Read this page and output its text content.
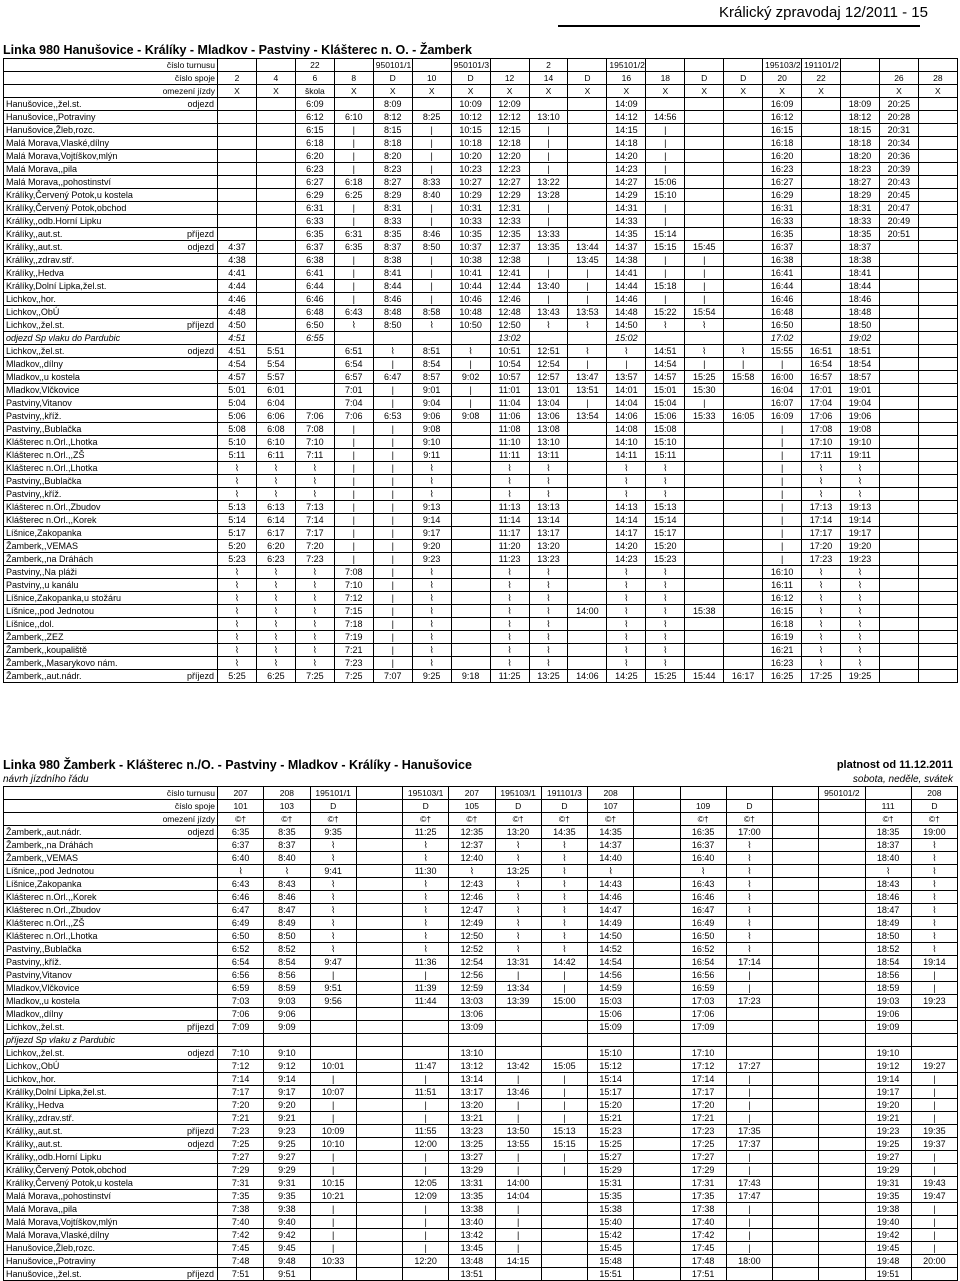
Králický zpravodaj 12/2011 - 15
Linka 980 Hanušovice - Králíky - Mladkov - Pastviny - Klášterec n. O. - Žamberk
číslo turnusu				22		950101/1		950101/3		2		195101/2				195103/2	191101/2			
číslo spoje		2	4	6	8	D	10	D	12	14	D	16	18	D	D	20	22		26	28
omezení jízdy		X	X	škola	X	X	X	X	X	X	X	X	X	X	X	X	X		X	X
Hanušovice,,žel.st.	odjezd			6:09		8:09		10:09	12:09			14:09				16:09		18:09	20:25	
Hanušovice,,Potraviny				6:12	6:10	8:12	8:25	10:12	12:12	13:10		14:12	14:56			16:12		18:12	20:28	
Hanušovice,Žleb,rozc.				6:15	|	8:15	|	10:15	12:15	|		14:15	|			16:15		18:15	20:31	
Malá Morava,Vlaské,dílny				6:18	|	8:18	|	10:18	12:18	|		14:18	|			16:18		18:18	20:34	
Malá Morava,Vojtíškov,mlýn				6:20	|	8:20	|	10:20	12:20	|		14:20	|			16:20		18:20	20:36	
Malá Morava,,pila				6:23	|	8:23	|	10:23	12:23	|		14:23	|			16:23		18:23	20:39	
Malá Morava,,pohostinství				6:27	6:18	8:27	8:33	10:27	12:27	13:22		14:27	15:06			16:27		18:27	20:43	
Králíky,Červený Potok,u kostela				6:29	6:25	8:29	8:40	10:29	12:29	13:28		14:29	15:10			16:29		18:29	20:45	
Králíky,Červený Potok,obchod				6:31	|	8:31	|	10:31	12:31	|		14:31	|			16:31		18:31	20:47	
Králíky,,odb.Horní Lipku				6:33	|	8:33	|	10:33	12:33	|		14:33	|			16:33		18:33	20:49	
Králíky,,aut.st.	příjezd			6:35	6:31	8:35	8:46	10:35	12:35	13:33		14:35	15:14			16:35		18:35	20:51	
Králíky,,aut.st.	odjezd	4:37		6:37	6:35	8:37	8:50	10:37	12:37	13:35	13:44	14:37	15:15	15:45		16:37		18:37		
Králíky,,zdrav.stř.		4:38		6:38	|	8:38	|	10:38	12:38	|	13:45	14:38	|	|		16:38		18:38		
Králíky,,Hedva		4:41		6:41	|	8:41	|	10:41	12:41	|	|	14:41	|	|		16:41		18:41		
Králíky,Dolní Lipka,žel.st.		4:44		6:44	|	8:44	|	10:44	12:44	13:40	|	14:44	15:18	|		16:44		18:44		
Lichkov,,hor.		4:46		6:46	|	8:46	|	10:46	12:46	|	|	14:46	|	|		16:46		18:46		
Lichkov,,ObÚ		4:48		6:48	6:43	8:48	8:58	10:48	12:48	13:43	13:53	14:48	15:22	15:54		16:48		18:48		
Lichkov,,žel.st.	příjezd	4:50		6:50	⌇	8:50	⌇	10:50	12:50	⌇	⌇	14:50	⌇	⌇		16:50		18:50		
odjezd Sp vlaku do Pardubic		4:51		6:55					13:02			15:02				17:02		19:02		
Lichkov,,žel.st.	odjezd	4:51	5:51		6:51	⌇	8:51	⌇	10:51	12:51	⌇	⌇	14:51	⌇	⌇	15:55	16:51	18:51		
Mladkov,,dílny		4:54	5:54		6:54	|	8:54	|	10:54	12:54	|	|	14:54	|	|	|	16:54	18:54		
Mladkov,,u kostela		4:57	5:57		6:57	6:47	8:57	9:02	10:57	12:57	13:47	13:57	14:57	15:25	15:58	16:00	16:57	18:57		
Mladkov,Vlčkovice		5:01	6:01		7:01	|	9:01	|	11:01	13:01	13:51	14:01	15:01	15:30		16:04	17:01	19:01		
Pastviny,Vitanov		5:04	6:04		7:04	|	9:04	|	11:04	13:04	|	14:04	15:04	|		16:07	17:04	19:04		
Pastviny,,kříž.		5:06	6:06	7:06	7:06	6:53	9:06	9:08	11:06	13:06	13:54	14:06	15:06	15:33	16:05	16:09	17:06	19:06		
Pastviny,,Bublačka		5:08	6:08	7:08	|	|	9:08		11:08	13:08		14:08	15:08			|	17:08	19:08		
Klášterec n.Orl.,Lhotka		5:10	6:10	7:10	|	|	9:10		11:10	13:10		14:10	15:10			|	17:10	19:10		
Klášterec n.Orl.,,ZŠ		5:11	6:11	7:11	|	|	9:11		11:11	13:11		14:11	15:11			|	17:11	19:11		
Klášterec n.Orl.,Lhotka		⌇	⌇	⌇	|	|	⌇		⌇	⌇		⌇	⌇			|	⌇	⌇		
Pastviny,,Bublačka		⌇	⌇	⌇	|	|	⌇		⌇	⌇		⌇	⌇			|	⌇	⌇		
Pastviny,,kříž.		⌇	⌇	⌇	|	|	⌇		⌇	⌇		⌇	⌇			|	⌇	⌇		
Klášterec n.Orl.,Zbudov		5:13	6:13	7:13	|	|	9:13		11:13	13:13		14:13	15:13			|	17:13	19:13		
Klášterec n.Orl.,,Korek		5:14	6:14	7:14	|	|	9:14		11:14	13:14		14:14	15:14			|	17:14	19:14		
Líšnice,Zakopanka		5:17	6:17	7:17	|	|	9:17		11:17	13:17		14:17	15:17			|	17:17	19:17		
Žamberk,,VEMAS		5:20	6:20	7:20	|	|	9:20		11:20	13:20		14:20	15:20			|	17:20	19:20		
Žamberk,,na Dráhách		5:23	6:23	7:23	|	|	9:23		11:23	13:23		14:23	15:23			|	17:23	19:23		
Pastviny,,Na pláži		⌇	⌇	⌇	7:08	|	⌇		⌇	⌇		⌇	⌇			16:10	⌇	⌇		
Pastviny,,u kanálu		⌇	⌇	⌇	7:10	|	⌇		⌇	⌇		⌇	⌇			16:11	⌇	⌇		
Líšnice,Zakopanka,u stožáru		⌇	⌇	⌇	7:12	|	⌇		⌇	⌇		⌇	⌇			16:12	⌇	⌇		
Líšnice,,pod Jednotou		⌇	⌇	⌇	7:15	|	⌇		⌇	⌇	14:00	⌇	⌇	15:38		16:15	⌇	⌇		
Líšnice,,dol.		⌇	⌇	⌇	7:18	|	⌇		⌇	⌇		⌇	⌇			16:18	⌇	⌇		
Žamberk,,ZEZ		⌇	⌇	⌇	7:19	|	⌇		⌇	⌇		⌇	⌇			16:19	⌇	⌇		
Žamberk,,koupaliště		⌇	⌇	⌇	7:21	|	⌇		⌇	⌇		⌇	⌇			16:21	⌇	⌇		
Žamberk,,Masarykovo nám.		⌇	⌇	⌇	7:23	|	⌇		⌇	⌇		⌇	⌇			16:23	⌇	⌇		
Žamberk,,aut.nádr.	příjezd	5:25	6:25	7:25	7:25	7:07	9:25	9:18	11:25	13:25	14:06	14:25	15:25	15:44	16:17	16:25	17:25	19:25		
Linka 980 Žamberk - Klášterec n./O. - Pastviny - Mladkov - Králíky - Hanušovice	platnost od 11.12.2011
návrh jízdního řádu	sobota, neděle, svátek
číslo turnusu		207	208	195101/1		195103/1	207	195103/1	191101/3	208					950101/2		208
číslo spoje		101	103	D		D	105	D	D	107		109	D			111	D
omezení jízdy		©†	©†	©†		©†	©†	©†	©†	©†		©†	©†			©†	©†
Žamberk,,aut.nádr.	odjezd	6:35	8:35	9:35		11:25	12:35	13:20	14:35	14:35		16:35	17:00			18:35	19:00
Žamberk,,na Dráhách		6:37	8:37	⌇		⌇	12:37	⌇	⌇	14:37		16:37	⌇			18:37	⌇
Žamberk,,VEMAS		6:40	8:40	⌇		⌇	12:40	⌇	⌇	14:40		16:40	⌇			18:40	⌇
Líšnice,,pod Jednotou		⌇	⌇	9:41		11:30	⌇	13:25	⌇	⌇		⌇	⌇			⌇	⌇
Líšnice,Zakopanka		6:43	8:43	⌇		⌇	12:43	⌇	⌇	14:43		16:43	⌇			18:43	⌇
Klášterec n.Orl.,,Korek		6:46	8:46	⌇		⌇	12:46	⌇	⌇	14:46		16:46	⌇			18:46	⌇
Klášterec n.Orl.,Zbudov		6:47	8:47	⌇		⌇	12:47	⌇	⌇	14:47		16:47	⌇			18:47	⌇
Klášterec n.Orl.,,ZŠ		6:49	8:49	⌇		⌇	12:49	⌇	⌇	14:49		16:49	⌇			18:49	⌇
Klášterec n.Orl.,Lhotka		6:50	8:50	⌇		⌇	12:50	⌇	⌇	14:50		16:50	⌇			18:50	⌇
Pastviny,,Bublačka		6:52	8:52	⌇		⌇	12:52	⌇	⌇	14:52		16:52	⌇			18:52	⌇
Pastviny,,kříž.		6:54	8:54	9:47		11:36	12:54	13:31	14:42	14:54		16:54	17:14			18:54	19:14
Pastviny,Vitanov		6:56	8:56	|		|	12:56	|	|	14:56		16:56	|			18:56	|
Mladkov,Vlčkovice		6:59	8:59	9:51		11:39	12:59	13:34	|	14:59		16:59	|			18:59	|
Mladkov,,u kostela		7:03	9:03	9:56		11:44	13:03	13:39	15:00	15:03		17:03	17:23			19:03	19:23
Mladkov,,dílny		7:06	9:06				13:06			15:06		17:06				19:06	
Lichkov,,žel.st.	příjezd	7:09	9:09				13:09			15:09		17:09				19:09	
příjezd Sp vlaku z Pardubic																	
Lichkov,,žel.st.	odjezd	7:10	9:10				13:10			15:10		17:10				19:10	
Lichkov,,ObÚ		7:12	9:12	10:01		11:47	13:12	13:42	15:05	15:12		17:12	17:27			19:12	19:27
Lichkov,,hor.		7:14	9:14	|		|	13:14	|	|	15:14		17:14	|			19:14	|
Králíky,Dolní Lipka,žel.st.		7:17	9:17	10:07		11:51	13:17	13:46	|	15:17		17:17	|			19:17	|
Králíky,,Hedva		7:20	9:20	|		|	13:20	|	|	15:20		17:20	|			19:20	|
Králíky,,zdrav.stř.		7:21	9:21	|		|	13:21	|	|	15:21		17:21	|			19:21	|
Králíky,,aut.st.	příjezd	7:23	9:23	10:09		11:55	13:23	13:50	15:13	15:23		17:23	17:35			19:23	19:35
Králíky,,aut.st.	odjezd	7:25	9:25	10:10		12:00	13:25	13:55	15:15	15:25		17:25	17:37			19:25	19:37
Králíky,,odb.Horní Lipku		7:27	9:27	|		|	13:27	|	|	15:27		17:27	|			19:27	|
Králíky,Červený Potok,obchod		7:29	9:29	|		|	13:29	|	|	15:29		17:29	|			19:29	|
Králíky,Červený Potok,u kostela		7:31	9:31	10:15		12:05	13:31	14:00		15:31		17:31	17:43			19:31	19:43
Malá Morava,,pohostinství		7:35	9:35	10:21		12:09	13:35	14:04		15:35		17:35	17:47			19:35	19:47
Malá Morava,,pila		7:38	9:38	|		|	13:38	|		15:38		17:38	|			19:38	|
Malá Morava,Vojtíškov,mlýn		7:40	9:40	|		|	13:40	|		15:40		17:40	|			19:40	|
Malá Morava,Vlaské,dílny		7:42	9:42	|		|	13:42	|		15:42		17:42	|			19:42	|
Hanušovice,Žleb,rozc.		7:45	9:45	|		|	13:45	|		15:45		17:45	|			19:45	|
Hanušovice,,Potraviny		7:48	9:48	10:33		12:20	13:48	14:15		15:48		17:48	18:00			19:48	20:00
Hanušovice,,žel.st.	příjezd	7:51	9:51				13:51			15:51		17:51				19:51	
